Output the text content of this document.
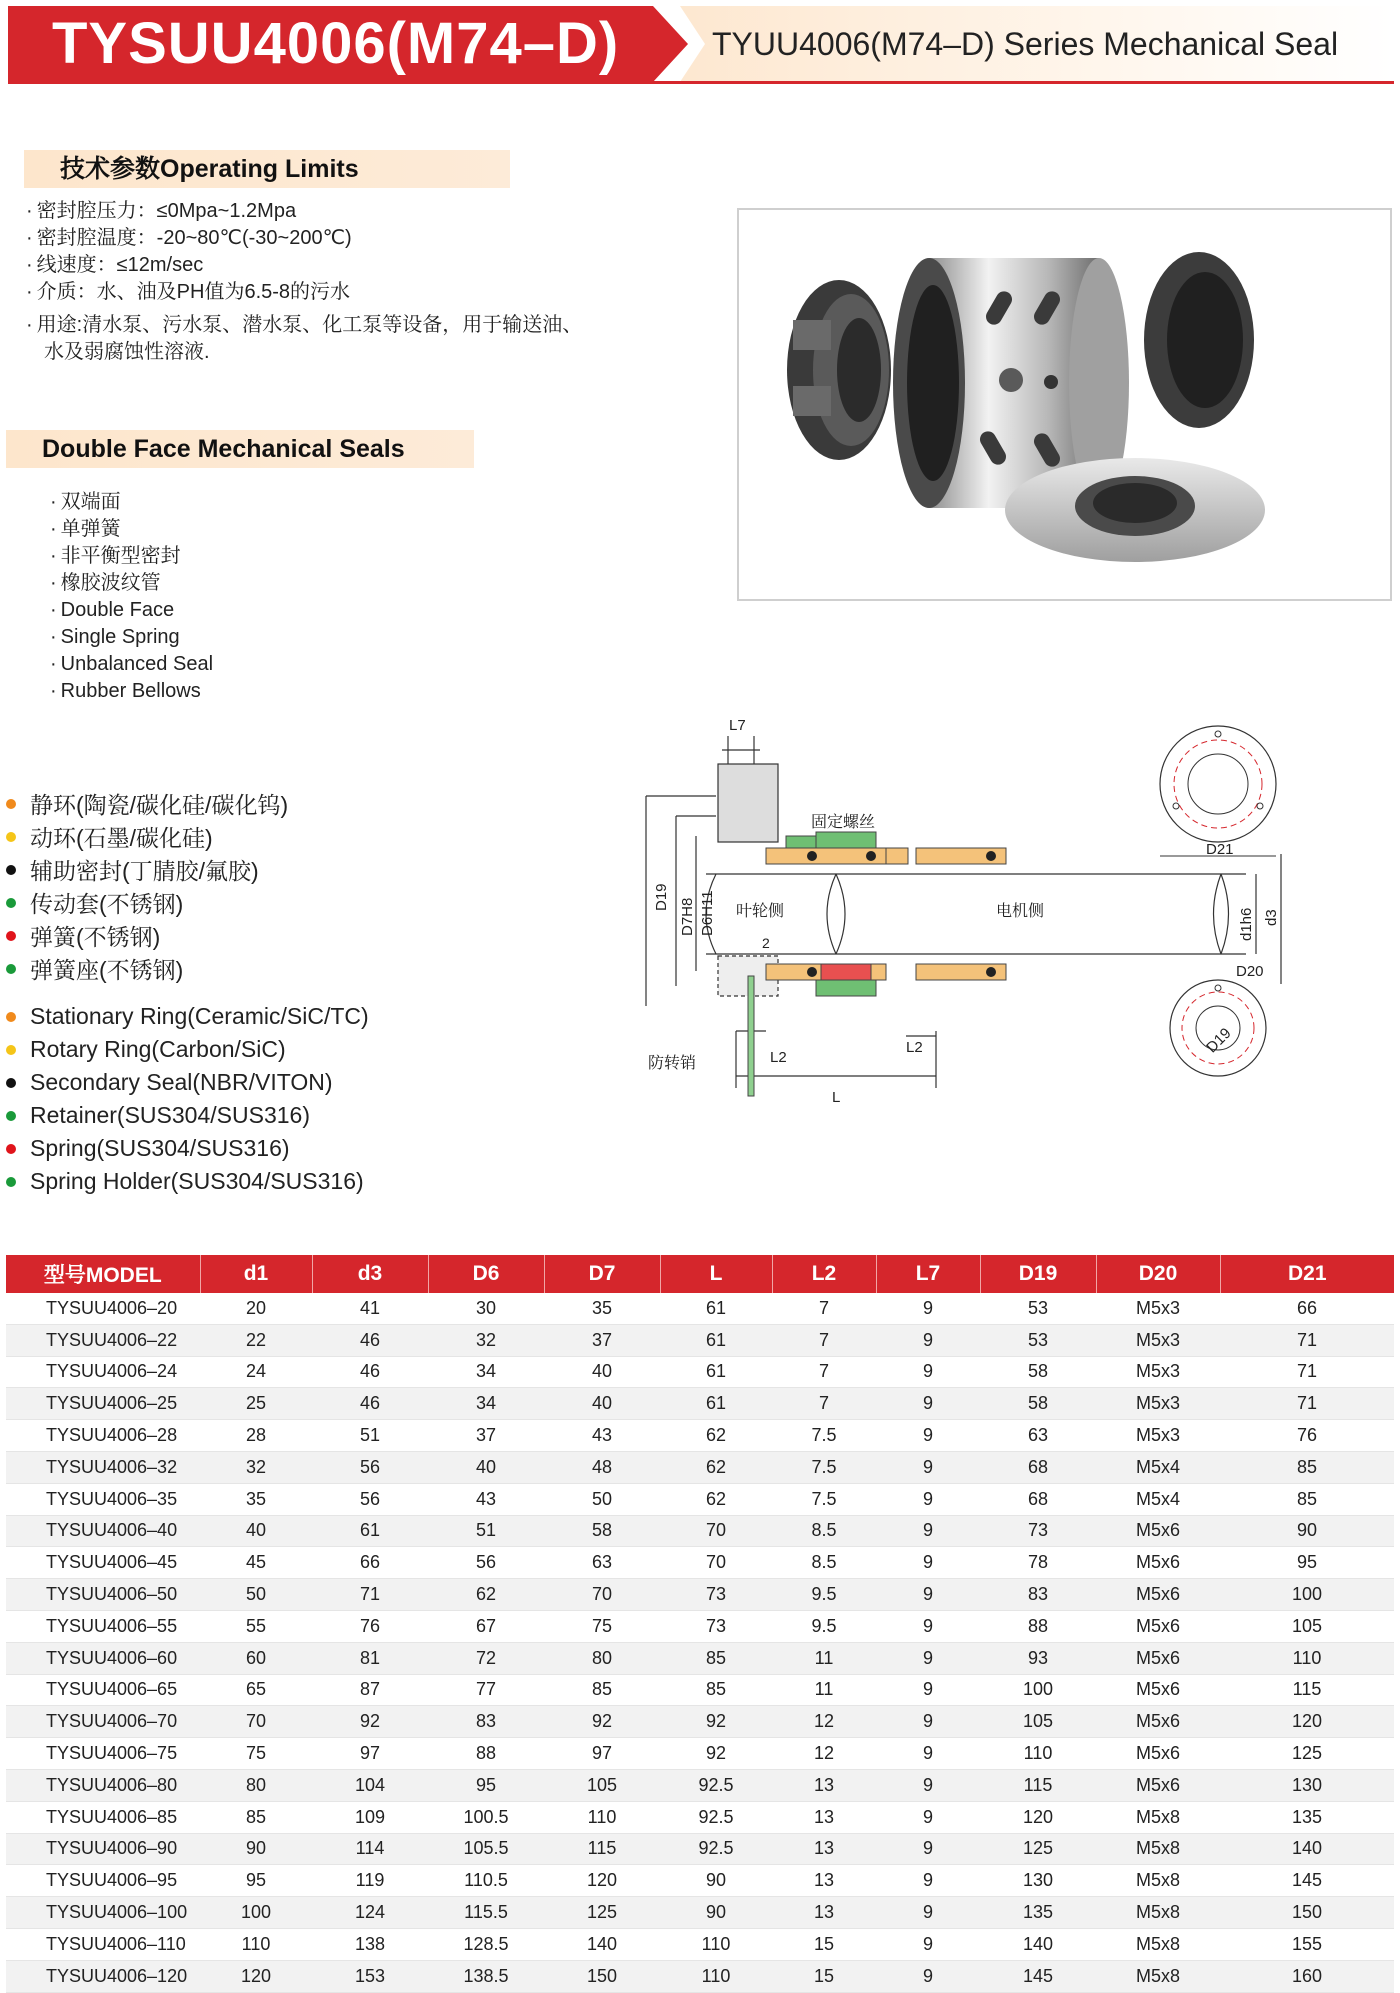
TYSUU4006(M74–D)	TYUU4006(M74–D) Series Mechanical Seal
技术参数Operating Limits
· 密封腔压力：≤0Mpa~1.2Mpa
· 密封腔温度：-20~80℃(-30~200℃)
· 线速度：≤12m/sec
· 介质：水、油及PH值为6.5-8的污水
· 用途:清水泵、污水泵、潜水泵、化工泵等设备，用于输送油、
水及弱腐蚀性溶液.
Double Face Mechanical Seals
· 双端面
· 单弹簧
· 非平衡型密封
· 橡胶波纹管
· Double Face
· Single Spring
· Unbalanced Seal
· Rubber Bellows
静环(陶瓷/碳化硅/碳化钨)
动环(石墨/碳化硅)
辅助密封(丁腈胶/氟胶)
传动套(不锈钢)
弹簧(不锈钢)
弹簧座(不锈钢)
Stationary Ring(Ceramic/SiC/TC)
Rotary Ring(Carbon/SiC)
Secondary Seal(NBR/VITON)
Retainer(SUS304/SUS316)
Spring(SUS304/SUS316)
Spring Holder(SUS304/SUS316)
L7
固定螺丝
D19
D7H8 D6H11 叶轮侧	电机侧	d1h6 d3
2
防转销	L2
L2
L
D21
D20
D19
型号MODEL	d1	d3	D6	D7	L	L2	L7	D19	D20	D21
TYSUU4006–20	20	41	30	35	61	7	9	53	M5x3	66
TYSUU4006–22	22	46	32	37	61	7	9	53	M5x3	71
TYSUU4006–24	24	46	34	40	61	7	9	58	M5x3	71
TYSUU4006–25	25	46	34	40	61	7	9	58	M5x3	71
TYSUU4006–28	28	51	37	43	62	7.5	9	63	M5x3	76
TYSUU4006–32	32	56	40	48	62	7.5	9	68	M5x4	85
TYSUU4006–35	35	56	43	50	62	7.5	9	68	M5x4	85
TYSUU4006–40	40	61	51	58	70	8.5	9	73	M5x6	90
TYSUU4006–45	45	66	56	63	70	8.5	9	78	M5x6	95
TYSUU4006–50	50	71	62	70	73	9.5	9	83	M5x6	100
TYSUU4006–55	55	76	67	75	73	9.5	9	88	M5x6	105
TYSUU4006–60	60	81	72	80	85	11	9	93	M5x6	110
TYSUU4006–65	65	87	77	85	85	11	9	100	M5x6	115
TYSUU4006–70	70	92	83	92	92	12	9	105	M5x6	120
TYSUU4006–75	75	97	88	97	92	12	9	110	M5x6	125
TYSUU4006–80	80	104	95	105	92.5	13	9	115	M5x6	130
TYSUU4006–85	85	109	100.5	110	92.5	13	9	120	M5x8	135
TYSUU4006–90	90	114	105.5	115	92.5	13	9	125	M5x8	140
TYSUU4006–95	95	119	110.5	120	90	13	9	130	M5x8	145
TYSUU4006–100	100	124	115.5	125	90	13	9	135	M5x8	150
TYSUU4006–110	110	138	128.5	140	110	15	9	140	M5x8	155
TYSUU4006–120	120	153	138.5	150	110	15	9	145	M5x8	160
